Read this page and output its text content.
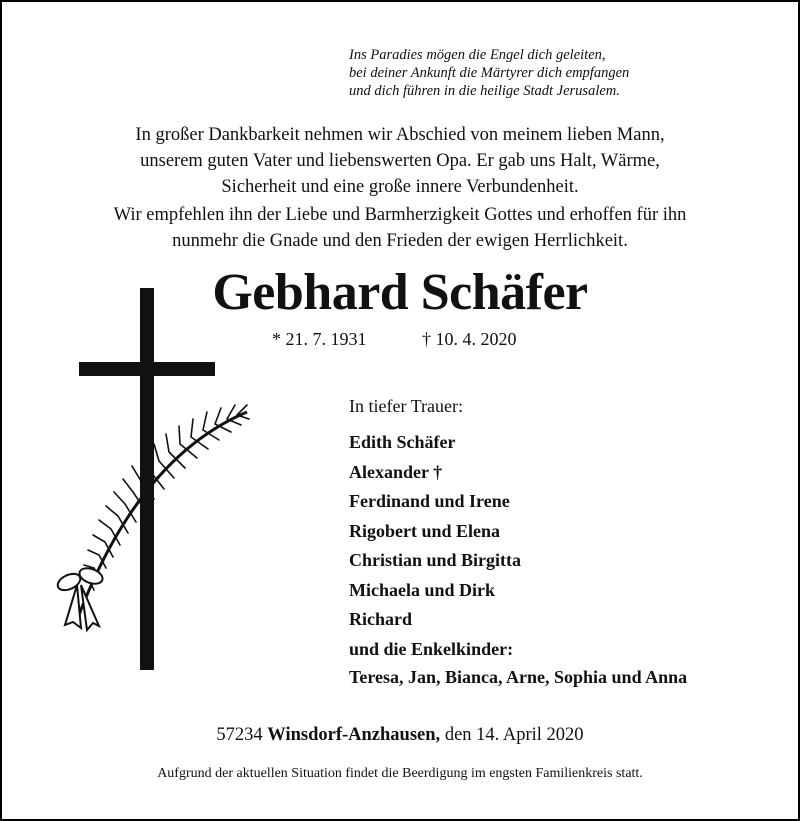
Ins Paradies mögen die Engel dich geleiten,
bei deiner Ankunft die Märtyrer dich empfangen
und dich führen in die heilige Stadt Jerusalem.
In großer Dankbarkeit nehmen wir Abschied von meinem lieben Mann,
unserem guten Vater und liebenswerten Opa. Er gab uns Halt, Wärme,
Sicherheit und eine große innere Verbundenheit.
Wir empfehlen ihn der Liebe und Barmherzigkeit Gottes und erhoffen für ihn
nunmehr die Gnade und den Frieden der ewigen Herrlichkeit.
Gebhard Schäfer
* 21. 7. 1931	† 10. 4. 2020
In tiefer Trauer:
Edith Schäfer
Alexander †
Ferdinand und Irene
Rigobert und Elena
Christian und Birgitta
Michaela und Dirk
Richard
und die Enkelkinder:
Teresa, Jan, Bianca, Arne, Sophia und Anna
57234 Winsdorf-Anzhausen, den 14. April 2020
Aufgrund der aktuellen Situation findet die Beerdigung im engsten Familienkreis statt.
